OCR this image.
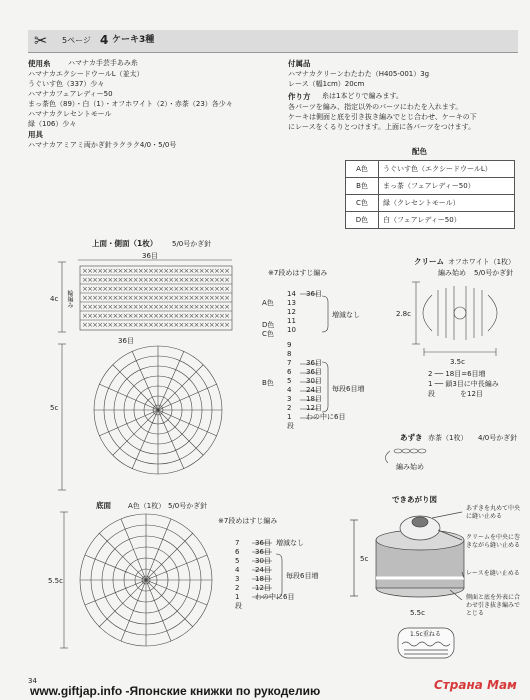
✂ 5ページ 4 ケーキ3種
使用糸	ハマナカ手芸手あみ糸
ハマナカエクシードウールL（並太）
うぐいす色（337）少々
ハマナカフェアレディー50
まっ茶色（89）・白（1）・オフホワイト（2）・赤茶（23）各少々
ハマナカクレセントモール
緑（106）少々
用具
ハマナカアミアミ両かぎ針ラクラク4/0・5/0号
付属品
ハマナカクリーンわたわた（H405-001）3g
レース（幅1cm）20cm
作り方	糸は1本どりで編みます。
各パーツを編み、指定以外のパーツにわたを入れます。
ケーキは側面と底を引き抜き編みでとじ合わせ、ケーキの下
にレースをくるりとつけます。上面に各パーツをつけます。
配色
A色	うぐいす色（エクシードウールL）
B色	まっ茶（フェアレディー50）
C色	緑（クレセントモール）
D色	白（フェアレディー50）
×××××××××××××××××××××××××××××
×××××××××××××××××××××××××××××
×××××××××××××××××××××××××××××
×××××××××××××××××××××××××××××
×××××××××××××××××××××××××××××
×××××××××××××××××××××××××××××
×××××××××××××××××××××××××××××
上面・側面（1枚） 5/0号かぎ針
36目
36目
4c
5c
輪編み
※7段めはすじ編み
14 36目
13
12
11
10
9
8
7 36目
6 36目
5 30目
4 24目
3 18目
2 12目
1 わの中に6目
段
A色
D色
C色
B色
増減なし
毎段6目増
クリーム オフホワイト（1枚）
編み始め 5/0号かぎ針
2.8c
3.5c
2 ── 18目=6目増
1 ── 鎖3目に中長編み
を12目
段
あずき 赤茶（1枚） 4/0号かぎ針
編み始め
底面 A色（1枚） 5/0号かぎ針
※7段めはすじ編み
5.5c
7 36目
6 36目
5 30目
4 24目
3 18目
2 12目
1 わの中に6目
段
増減なし
毎段6目増
できあがり図
5c
5.5c
あずきを丸めて中央に縫い止める
クリームを中央に巻きながら縫い止める
レースを縫い止める
側面と底を外表に合わせ引き抜き編みでとじる
1.5c重ねる
34
www.giftjap.info -Японские книжки по рукоделию	Страна Мам
